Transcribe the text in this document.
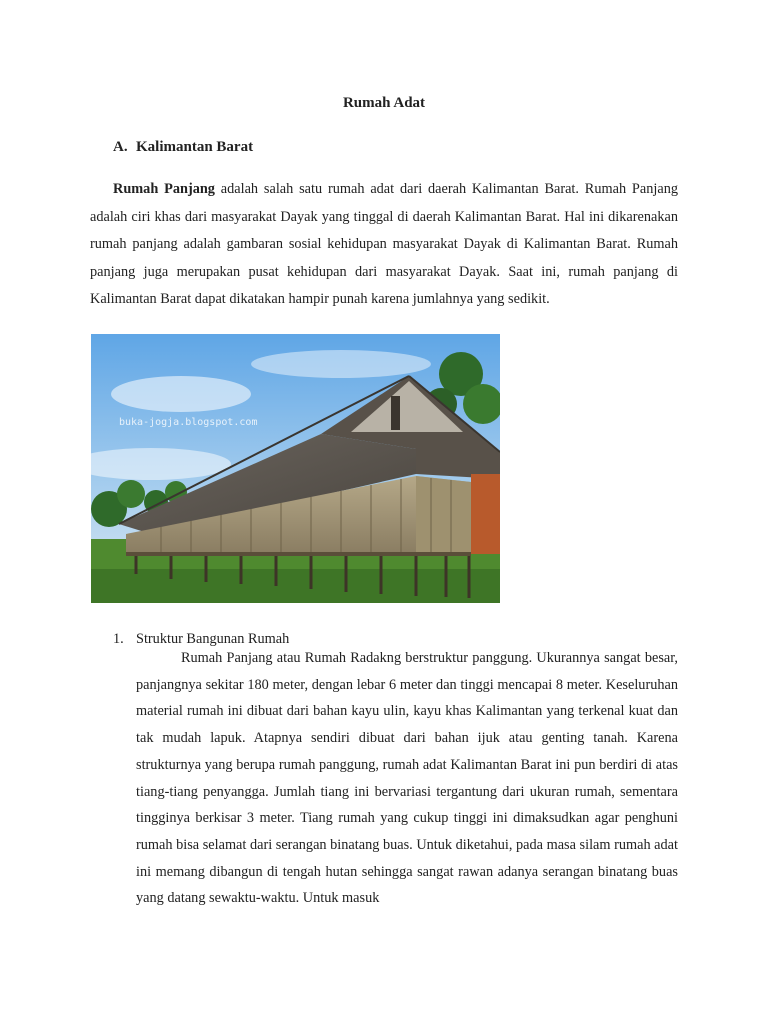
Rumah Adat
A. Kalimantan Barat

Rumah Panjang adalah salah satu rumah adat dari daerah Kalimantan Barat. Rumah Panjang adalah ciri khas dari masyarakat Dayak yang tinggal di daerah Kalimantan Barat. Hal ini dikarenakan rumah panjang adalah gambaran sosial kehidupan masyarakat Dayak di Kalimantan Barat. Rumah panjang juga merupakan pusat kehidupan dari masyarakat Dayak. Saat ini, rumah panjang di Kalimantan Barat dapat dikatakan hampir punah karena jumlahnya yang sedikit.

buka-jogja.blogspot.com
1. Struktur Bangunan Rumah

Rumah Panjang atau Rumah Radakng berstruktur panggung. Ukurannya sangat besar, panjangnya sekitar 180 meter, dengan lebar 6 meter dan tinggi mencapai 8 meter. Keseluruhan material rumah ini dibuat dari bahan kayu ulin, kayu khas Kalimantan yang terkenal kuat dan tak mudah lapuk. Atapnya sendiri dibuat dari bahan ijuk atau genting tanah. Karena strukturnya yang berupa rumah panggung, rumah adat Kalimantan Barat ini pun berdiri di atas tiang-tiang penyangga. Jumlah tiang ini bervariasi tergantung dari ukuran rumah, sementara tingginya berkisar 3 meter. Tiang rumah yang cukup tinggi ini dimaksudkan agar penghuni rumah bisa selamat dari serangan binatang buas. Untuk diketahui, pada masa silam rumah adat ini memang dibangun di tengah hutan sehingga sangat rawan adanya serangan binatang buas yang datang sewaktu-waktu. Untuk masuk
